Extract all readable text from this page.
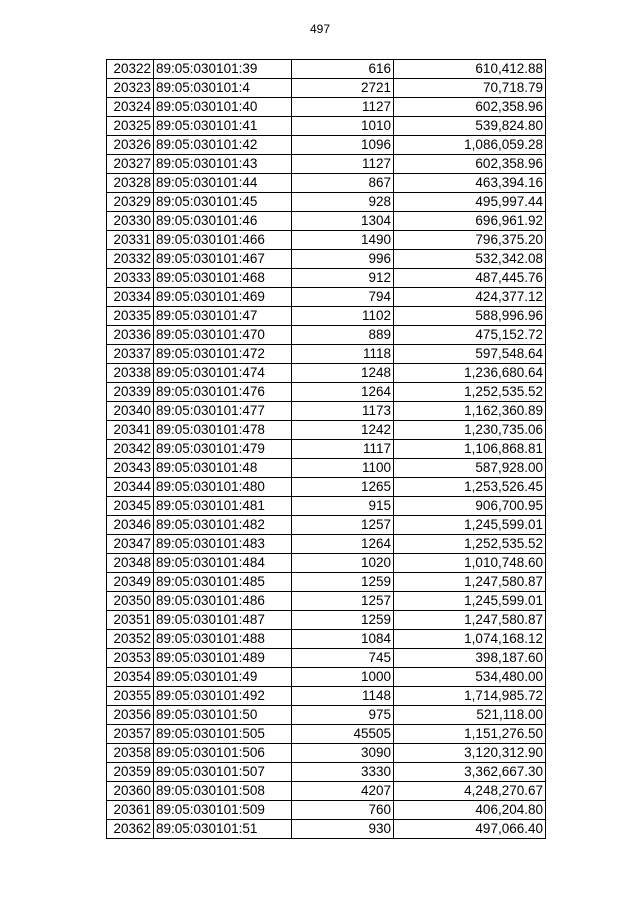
497
20322	89:05:030101:39	616	610,412.88
20323	89:05:030101:4	2721	70,718.79
20324	89:05:030101:40	1127	602,358.96
20325	89:05:030101:41	1010	539,824.80
20326	89:05:030101:42	1096	1,086,059.28
20327	89:05:030101:43	1127	602,358.96
20328	89:05:030101:44	867	463,394.16
20329	89:05:030101:45	928	495,997.44
20330	89:05:030101:46	1304	696,961.92
20331	89:05:030101:466	1490	796,375.20
20332	89:05:030101:467	996	532,342.08
20333	89:05:030101:468	912	487,445.76
20334	89:05:030101:469	794	424,377.12
20335	89:05:030101:47	1102	588,996.96
20336	89:05:030101:470	889	475,152.72
20337	89:05:030101:472	1118	597,548.64
20338	89:05:030101:474	1248	1,236,680.64
20339	89:05:030101:476	1264	1,252,535.52
20340	89:05:030101:477	1173	1,162,360.89
20341	89:05:030101:478	1242	1,230,735.06
20342	89:05:030101:479	1117	1,106,868.81
20343	89:05:030101:48	1100	587,928.00
20344	89:05:030101:480	1265	1,253,526.45
20345	89:05:030101:481	915	906,700.95
20346	89:05:030101:482	1257	1,245,599.01
20347	89:05:030101:483	1264	1,252,535.52
20348	89:05:030101:484	1020	1,010,748.60
20349	89:05:030101:485	1259	1,247,580.87
20350	89:05:030101:486	1257	1,245,599.01
20351	89:05:030101:487	1259	1,247,580.87
20352	89:05:030101:488	1084	1,074,168.12
20353	89:05:030101:489	745	398,187.60
20354	89:05:030101:49	1000	534,480.00
20355	89:05:030101:492	1148	1,714,985.72
20356	89:05:030101:50	975	521,118.00
20357	89:05:030101:505	45505	1,151,276.50
20358	89:05:030101:506	3090	3,120,312.90
20359	89:05:030101:507	3330	3,362,667.30
20360	89:05:030101:508	4207	4,248,270.67
20361	89:05:030101:509	760	406,204.80
20362	89:05:030101:51	930	497,066.40
